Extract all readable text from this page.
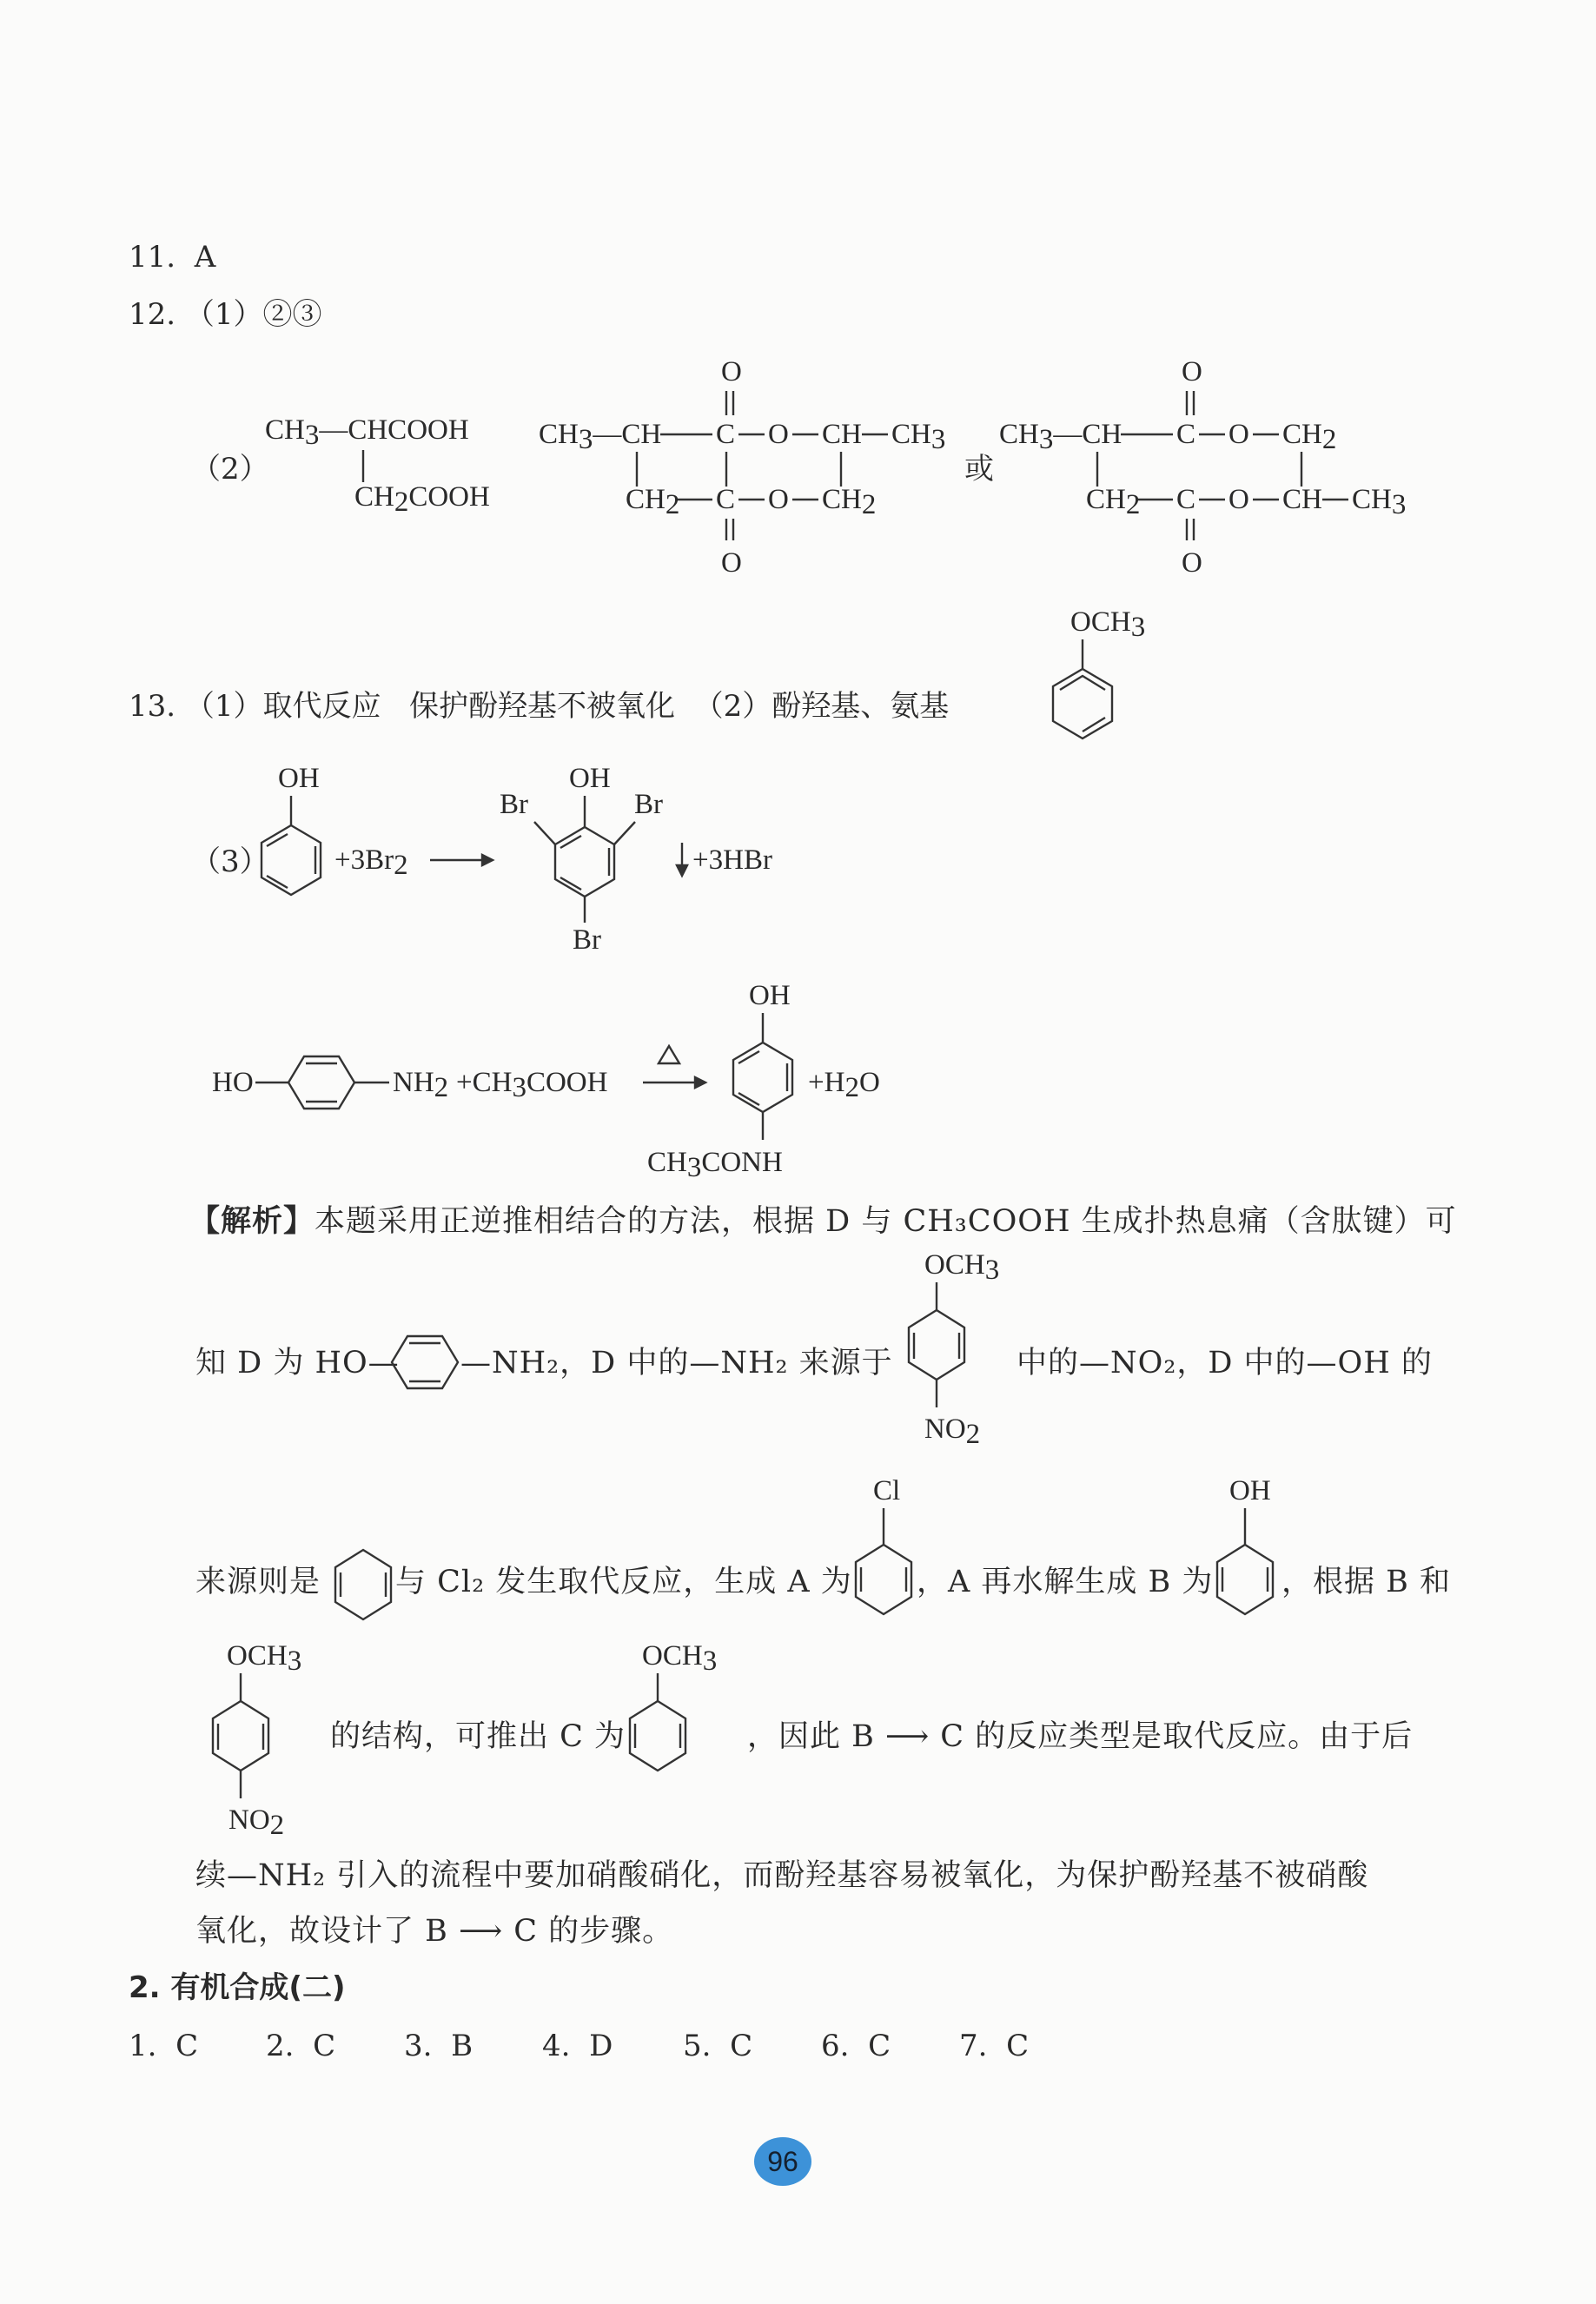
11. A
12. （1）②③
（2）
CH3—CHCOOH
CH2COOH
O
CH3—CH C O CH CH3
CH2 C O CH2
O
或
O
CH3—CH C O CH2
CH2 C O CH CH3
O
13. （1）取代反应 保护酚羟基不被氧化 （2）酚羟基、氨基
OCH3
（3）
OH
+3Br2
OH
Br	Br
Br
+3HBr
HO	NH2 +CH3COOH
OH
CH3CONH
+H2O
【解析】本题采用正逆推相结合的方法，根据 D 与 CH₃COOH 生成扑热息痛（含肽键）可
知 D 为 HO— —NH₂，D 中的—NH₂ 来源于
OCH3
NO2
中的—NO₂，D 中的—OH 的
来源则是 与 Cl₂ 发生取代反应，生成 A 为
Cl
，A 再水解生成 B 为
OH
，根据 B 和
OCH3
NO2
的结构，可推出 C 为
OCH3
，因此 B ⟶ C 的反应类型是取代反应。由于后
续—NH₂ 引入的流程中要加硝酸硝化，而酚羟基容易被氧化，为保护酚羟基不被硝酸
氧化，故设计了 B ⟶ C 的步骤。
2. 有机合成(二)
1. C 2. C 3. B 4. D 5. C 6. C 7. C
96
